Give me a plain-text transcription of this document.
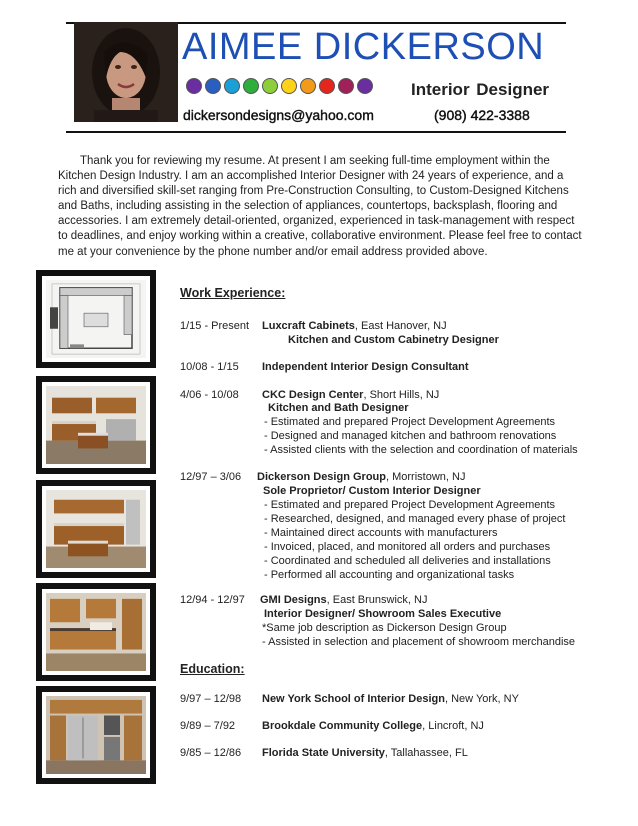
AIMEE DICKERSON
Interior Designer
dickersondesigns@yahoo.com	(908) 422-3388
Thank you for reviewing my resume. At present I am seeking full-time employment within the Kitchen Design Industry. I am an accomplished Interior Designer with 24 years of experience, and a rich and diversified skill-set ranging from Pre-Construction Consulting, to Custom-Designed Kitchens and Baths, including assisting in the selection of appliances, countertops, backsplash, flooring and accessories. I am extremely detail-oriented, organized, experienced in task-management with respect to deadlines, and enjoy working within a creative, collaborative environment. Please feel free to contact me at your convenience by the phone number and/or email address provided above.
Work Experience:
1/15 - Present Luxcraft Cabinets, East Hanover, NJ
Kitchen and Custom Cabinetry Designer
10/08 - 1/15 Independent Interior Design Consultant
4/06 - 10/08 CKC Design Center, Short Hills, NJ
Kitchen and Bath Designer
- Estimated and prepared Project Development Agreements
- Designed and managed kitchen and bathroom renovations
- Assisted clients with the selection and coordination of materials
12/97 – 3/06 Dickerson Design Group, Morristown, NJ
Sole Proprietor/ Custom Interior Designer
- Estimated and prepared Project Development Agreements
- Researched, designed, and managed every phase of project
- Maintained direct accounts with manufacturers
- Invoiced, placed, and monitored all orders and purchases
- Coordinated and scheduled all deliveries and installations
- Performed all accounting and organizational tasks
12/94 - 12/97 GMI Designs, East Brunswick, NJ
Interior Designer/ Showroom Sales Executive
*Same job description as Dickerson Design Group
- Assisted in selection and placement of showroom merchandise
Education:
9/97 – 12/98 New York School of Interior Design, New York, NY
9/89 – 7/92 Brookdale Community College, Lincroft, NJ
9/85 – 12/86 Florida State University, Tallahassee, FL
